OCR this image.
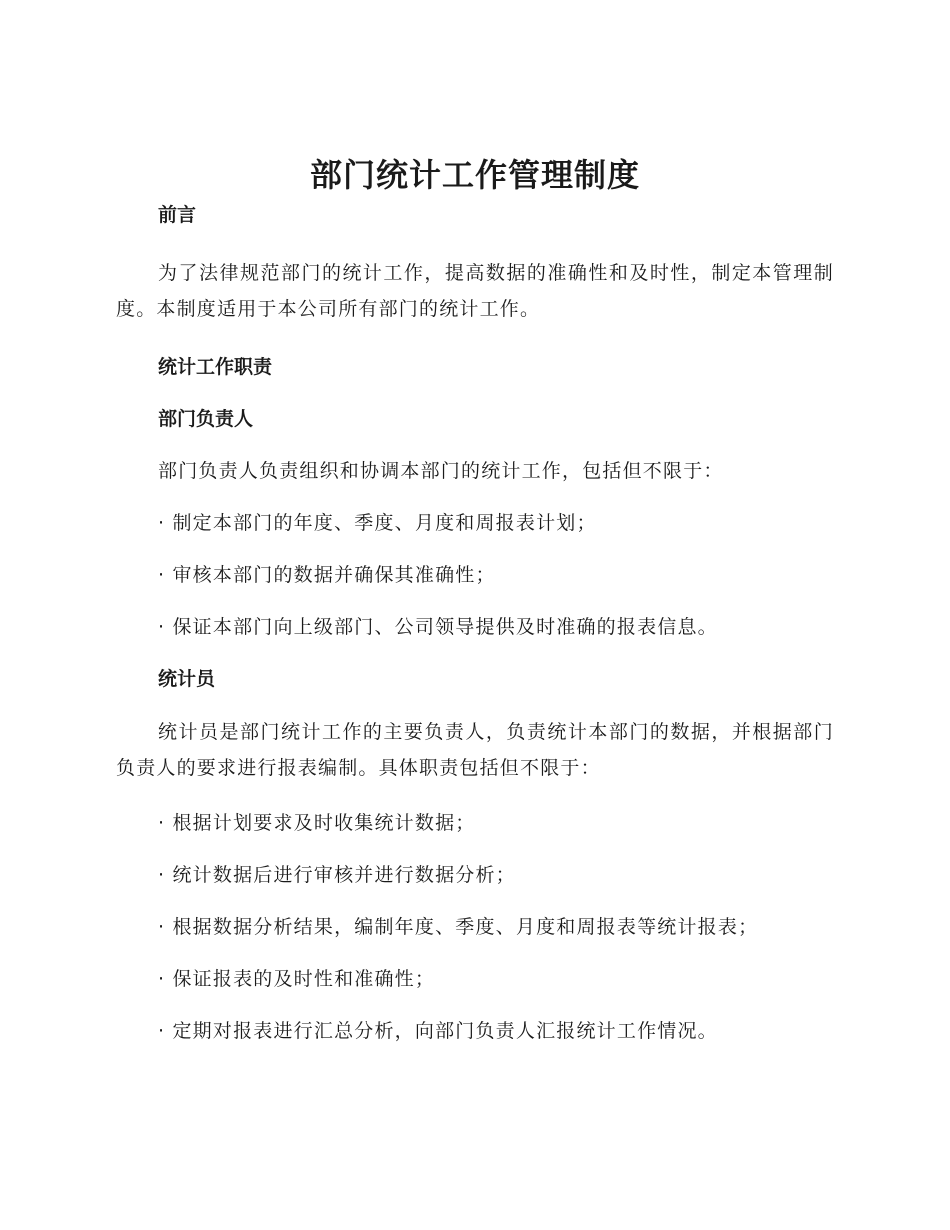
部门统计工作管理制度

前言

为了法律规范部门的统计工作，提高数据的准确性和及时性，制定本管理制度。本制度适用于本公司所有部门的统计工作。

统计工作职责

部门负责人

部门负责人负责组织和协调本部门的统计工作，包括但不限于：

· 制定本部门的年度、季度、月度和周报表计划；

· 审核本部门的数据并确保其准确性；

· 保证本部门向上级部门、公司领导提供及时准确的报表信息。

统计员

统计员是部门统计工作的主要负责人，负责统计本部门的数据，并根据部门负责人的要求进行报表编制。具体职责包括但不限于：

· 根据计划要求及时收集统计数据；

· 统计数据后进行审核并进行数据分析；

· 根据数据分析结果，编制年度、季度、月度和周报表等统计报表；

· 保证报表的及时性和准确性；

· 定期对报表进行汇总分析，向部门负责人汇报统计工作情况。
